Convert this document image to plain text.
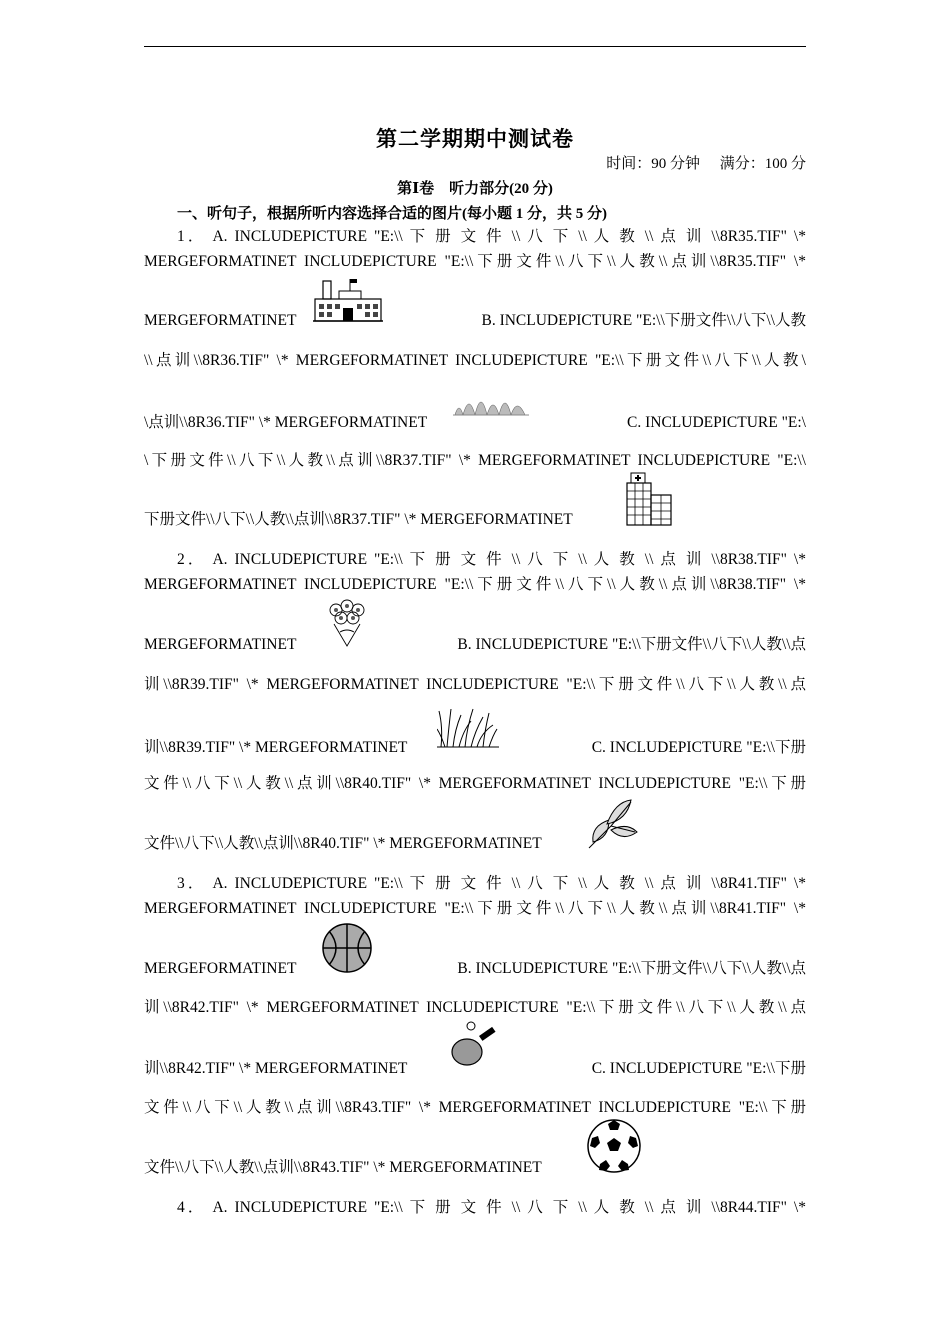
第二学期期中测试卷
时间：90 分钟 满分：100 分
第Ⅰ卷　听力部分(20 分)
一、听句子，根据所听内容选择合适的图片(每小题 1 分，共 5 分)
1． A. INCLUDEPICTURE "E:\\ 下 册 文 件 \\ 八 下 \\ 人 教 \\ 点 训 \\8R35.TIF" \*
MERGEFORMATINET INCLUDEPICTURE "E:\\下册文件\\八下\\人教\\点训\\8R35.TIF" \*
MERGEFORMATINET	B. INCLUDEPICTURE "E:\\下册文件\\八下\\人教
\\点训\\8R36.TIF" \* MERGEFORMATINET INCLUDEPICTURE "E:\\下册文件\\八下\\人教\
\点训\\8R36.TIF" \* MERGEFORMATINET	C. INCLUDEPICTURE "E:\
\下册文件\\八下\\人教\\点训\\8R37.TIF" \* MERGEFORMATINET INCLUDEPICTURE "E:\\
下册文件\\八下\\人教\\点训\\8R37.TIF" \* MERGEFORMATINET
2． A. INCLUDEPICTURE "E:\\ 下 册 文 件 \\ 八 下 \\ 人 教 \\ 点 训 \\8R38.TIF" \*
MERGEFORMATINET INCLUDEPICTURE "E:\\下册文件\\八下\\人教\\点训\\8R38.TIF" \*
MERGEFORMATINET	B. INCLUDEPICTURE "E:\\下册文件\\八下\\人教\\点
训\\8R39.TIF" \* MERGEFORMATINET INCLUDEPICTURE "E:\\下册文件\\八下\\人教\\点
训\\8R39.TIF" \* MERGEFORMATINET	C. INCLUDEPICTURE "E:\\下册
文件\\八下\\人教\\点训\\8R40.TIF" \* MERGEFORMATINET INCLUDEPICTURE "E:\\下册
文件\\八下\\人教\\点训\\8R40.TIF" \* MERGEFORMATINET
3． A. INCLUDEPICTURE "E:\\ 下 册 文 件 \\ 八 下 \\ 人 教 \\ 点 训 \\8R41.TIF" \*
MERGEFORMATINET INCLUDEPICTURE "E:\\下册文件\\八下\\人教\\点训\\8R41.TIF" \*
MERGEFORMATINET	B. INCLUDEPICTURE "E:\\下册文件\\八下\\人教\\点
训\\8R42.TIF" \* MERGEFORMATINET INCLUDEPICTURE "E:\\下册文件\\八下\\人教\\点
训\\8R42.TIF" \* MERGEFORMATINET	C. INCLUDEPICTURE "E:\\下册
文件\\八下\\人教\\点训\\8R43.TIF" \* MERGEFORMATINET INCLUDEPICTURE "E:\\下册
文件\\八下\\人教\\点训\\8R43.TIF" \* MERGEFORMATINET
4． A. INCLUDEPICTURE "E:\\ 下 册 文 件 \\ 八 下 \\ 人 教 \\ 点 训 \\8R44.TIF" \*
